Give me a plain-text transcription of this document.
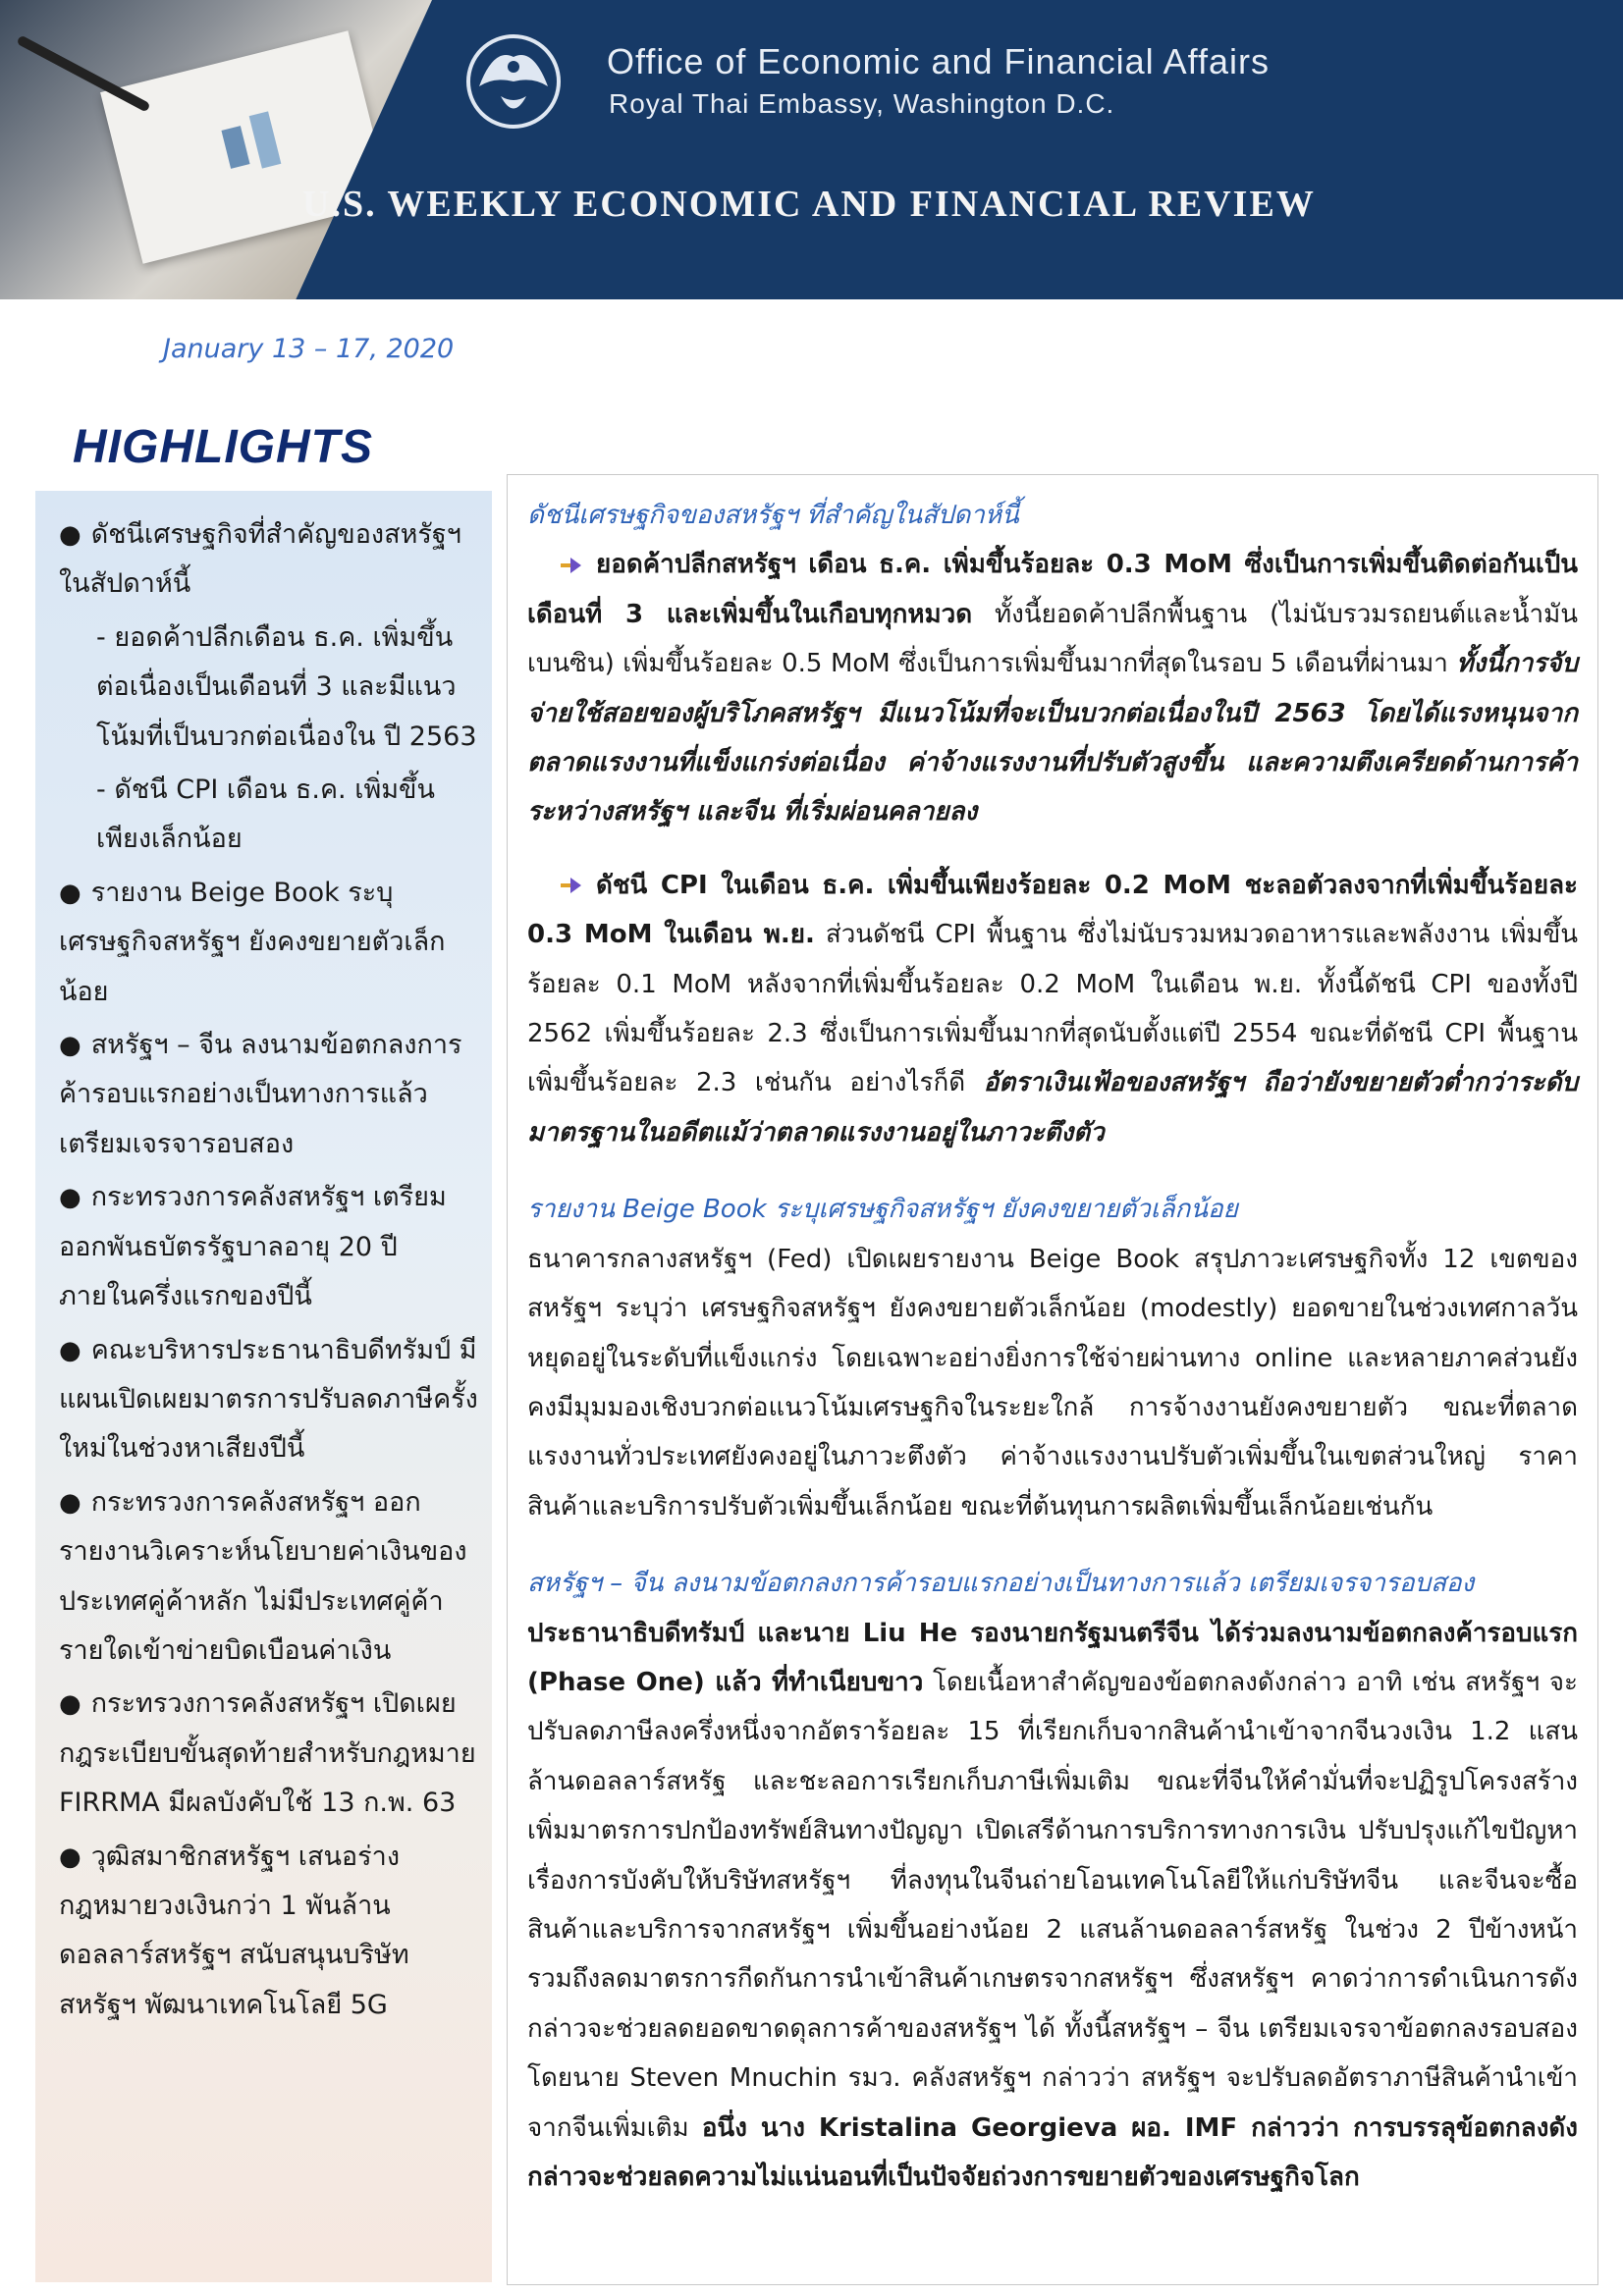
Office of Economic and Financial Affairs
Royal Thai Embassy, Washington D.C.
U.S. WEEKLY ECONOMIC AND FINANCIAL REVIEW
January 13 – 17, 2020
HIGHLIGHTS
● ดัชนีเศรษฐกิจที่สำคัญของสหรัฐฯ ในสัปดาห์นี้
- ยอดค้าปลีกเดือน ธ.ค. เพิ่มขึ้นต่อเนื่องเป็นเดือนที่ 3 และมีแนวโน้มที่เป็นบวกต่อเนื่องใน ปี 2563
- ดัชนี CPI เดือน ธ.ค. เพิ่มขึ้นเพียงเล็กน้อย
● รายงาน Beige Book ระบุเศรษฐกิจสหรัฐฯ ยังคงขยายตัวเล็กน้อย
● สหรัฐฯ – จีน ลงนามข้อตกลงการค้ารอบแรกอย่างเป็นทางการแล้ว เตรียมเจรจารอบสอง
● กระทรวงการคลังสหรัฐฯ เตรียมออกพันธบัตรรัฐบาลอายุ 20 ปี ภายในครึ่งแรกของปีนี้
● คณะบริหารประธานาธิบดีทรัมป์ มีแผนเปิดเผยมาตรการปรับลดภาษีครั้งใหม่ในช่วงหาเสียงปีนี้
● กระทรวงการคลังสหรัฐฯ ออกรายงานวิเคราะห์นโยบายค่าเงินของประเทศคู่ค้าหลัก ไม่มีประเทศคู่ค้ารายใดเข้าข่ายบิดเบือนค่าเงิน
● กระทรวงการคลังสหรัฐฯ เปิดเผยกฎระเบียบขั้นสุดท้ายสำหรับกฎหมาย FIRRMA มีผลบังคับใช้ 13 ก.พ. 63
● วุฒิสมาชิกสหรัฐฯ เสนอร่างกฎหมายวงเงินกว่า 1 พันล้านดอลลาร์สหรัฐฯ สนับสนุนบริษัทสหรัฐฯ พัฒนาเทคโนโลยี 5G

ดัชนีเศรษฐกิจของสหรัฐฯ ที่สำคัญในสัปดาห์นี้

ยอดค้าปลีกสหรัฐฯ เดือน ธ.ค. เพิ่มขึ้นร้อยละ 0.3 MoM ซึ่งเป็นการเพิ่มขึ้นติดต่อกันเป็นเดือนที่ 3 และเพิ่มขึ้นในเกือบทุกหมวด ทั้งนี้ยอดค้าปลีกพื้นฐาน (ไม่นับรวมรถยนต์และน้ำมันเบนซิน) เพิ่มขึ้นร้อยละ 0.5 MoM ซึ่งเป็นการเพิ่มขึ้นมากที่สุดในรอบ 5 เดือนที่ผ่านมา ทั้งนี้การจับจ่ายใช้สอยของผู้บริโภคสหรัฐฯ มีแนวโน้มที่จะเป็นบวกต่อเนื่องในปี 2563 โดยได้แรงหนุนจากตลาดแรงงานที่แข็งแกร่งต่อเนื่อง ค่าจ้างแรงงานที่ปรับตัวสูงขึ้น และความตึงเครียดด้านการค้าระหว่างสหรัฐฯ และจีน ที่เริ่มผ่อนคลายลง

ดัชนี CPI ในเดือน ธ.ค. เพิ่มขึ้นเพียงร้อยละ 0.2 MoM ชะลอตัวลงจากที่เพิ่มขึ้นร้อยละ 0.3 MoM ในเดือน พ.ย. ส่วนดัชนี CPI พื้นฐาน ซึ่งไม่นับรวมหมวดอาหารและพลังงาน เพิ่มขึ้นร้อยละ 0.1 MoM หลังจากที่เพิ่มขึ้นร้อยละ 0.2 MoM ในเดือน พ.ย. ทั้งนี้ดัชนี CPI ของทั้งปี 2562 เพิ่มขึ้นร้อยละ 2.3 ซึ่งเป็นการเพิ่มขึ้นมากที่สุดนับตั้งแต่ปี 2554 ขณะที่ดัชนี CPI พื้นฐานเพิ่มขึ้นร้อยละ 2.3 เช่นกัน อย่างไรก็ดี อัตราเงินเฟ้อของสหรัฐฯ ถือว่ายังขยายตัวต่ำกว่าระดับมาตรฐานในอดีตแม้ว่าตลาดแรงงานอยู่ในภาวะตึงตัว

รายงาน Beige Book ระบุเศรษฐกิจสหรัฐฯ ยังคงขยายตัวเล็กน้อย

ธนาคารกลางสหรัฐฯ (Fed) เปิดเผยรายงาน Beige Book สรุปภาวะเศรษฐกิจทั้ง 12 เขตของสหรัฐฯ ระบุว่า เศรษฐกิจสหรัฐฯ ยังคงขยายตัวเล็กน้อย (modestly) ยอดขายในช่วงเทศกาลวันหยุดอยู่ในระดับที่แข็งแกร่ง โดยเฉพาะอย่างยิ่งการใช้จ่ายผ่านทาง online และหลายภาคส่วนยังคงมีมุมมองเชิงบวกต่อแนวโน้มเศรษฐกิจในระยะใกล้ การจ้างงานยังคงขยายตัว ขณะที่ตลาดแรงงานทั่วประเทศยังคงอยู่ในภาวะตึงตัว ค่าจ้างแรงงานปรับตัวเพิ่มขึ้นในเขตส่วนใหญ่ ราคาสินค้าและบริการปรับตัวเพิ่มขึ้นเล็กน้อย ขณะที่ต้นทุนการผลิตเพิ่มขึ้นเล็กน้อยเช่นกัน

สหรัฐฯ – จีน ลงนามข้อตกลงการค้ารอบแรกอย่างเป็นทางการแล้ว เตรียมเจรจารอบสอง

ประธานาธิบดีทรัมป์ และนาย Liu He รองนายกรัฐมนตรีจีน ได้ร่วมลงนามข้อตกลงค้ารอบแรก (Phase One) แล้ว ที่ทำเนียบขาว โดยเนื้อหาสำคัญของข้อตกลงดังกล่าว อาทิ เช่น สหรัฐฯ จะปรับลดภาษีลงครึ่งหนึ่งจากอัตราร้อยละ 15 ที่เรียกเก็บจากสินค้านำเข้าจากจีนวงเงิน 1.2 แสนล้านดอลลาร์สหรัฐ และชะลอการเรียกเก็บภาษีเพิ่มเติม ขณะที่จีนให้คำมั่นที่จะปฏิรูปโครงสร้าง เพิ่มมาตรการปกป้องทรัพย์สินทางปัญญา เปิดเสรีด้านการบริการทางการเงิน ปรับปรุงแก้ไขปัญหาเรื่องการบังคับให้บริษัทสหรัฐฯ ที่ลงทุนในจีนถ่ายโอนเทคโนโลยีให้แก่บริษัทจีน และจีนจะซื้อสินค้าและบริการจากสหรัฐฯ เพิ่มขึ้นอย่างน้อย 2 แสนล้านดอลลาร์สหรัฐ ในช่วง 2 ปีข้างหน้า รวมถึงลดมาตรการกีดกันการนำเข้าสินค้าเกษตรจากสหรัฐฯ ซึ่งสหรัฐฯ คาดว่าการดำเนินการดังกล่าวจะช่วยลดยอดขาดดุลการค้าของสหรัฐฯ ได้ ทั้งนี้สหรัฐฯ – จีน เตรียมเจรจาข้อตกลงรอบสอง โดยนาย Steven Mnuchin รมว. คลังสหรัฐฯ กล่าวว่า สหรัฐฯ จะปรับลดอัตราภาษีสินค้านำเข้าจากจีนเพิ่มเติม อนึ่ง นาง Kristalina Georgieva ผอ. IMF กล่าวว่า การบรรลุข้อตกลงดังกล่าวจะช่วยลดความไม่แน่นอนที่เป็นปัจจัยถ่วงการขยายตัวของเศรษฐกิจโลก
